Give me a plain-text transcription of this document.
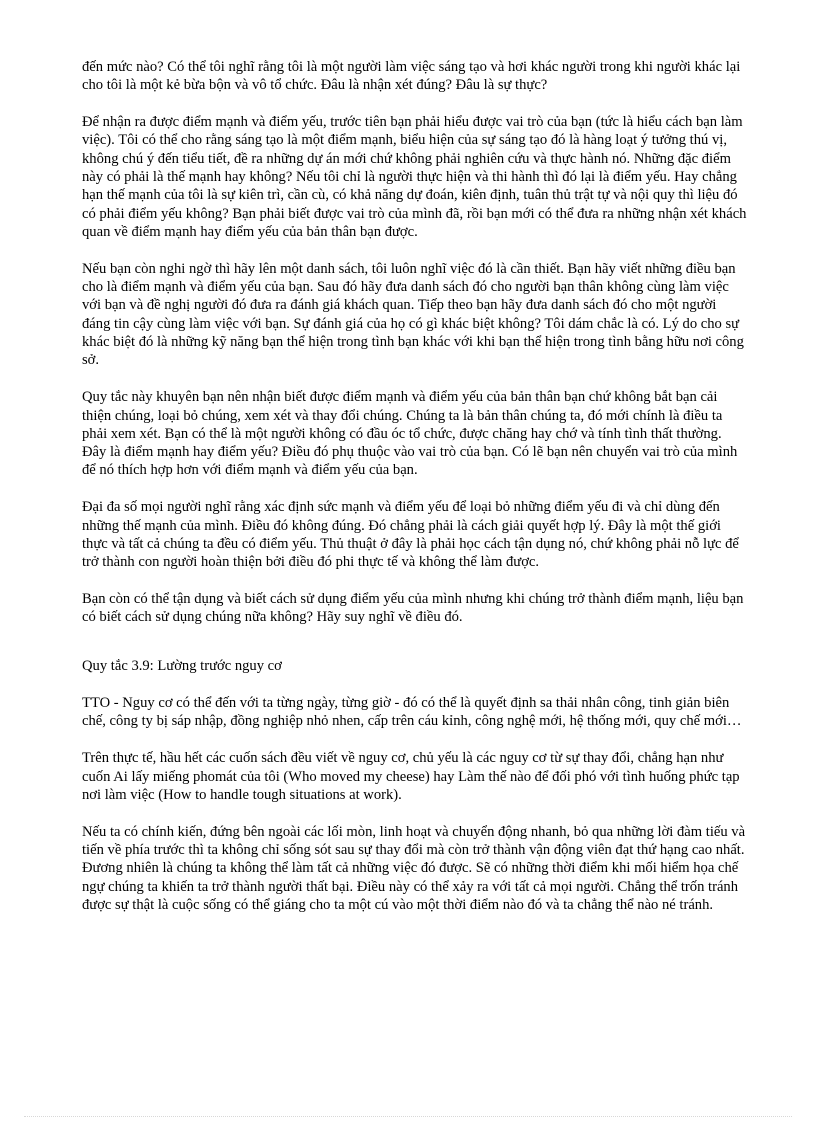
đến mức nào? Có thể tôi nghĩ rằng tôi là một người làm việc sáng tạo và hơi khác người trong khi người khác lại cho tôi là một kẻ bừa bộn và vô tổ chức. Đâu là nhận xét đúng? Đâu là sự thực?

Để nhận ra được điểm mạnh và điểm yếu, trước tiên bạn phải hiểu được vai trò của bạn (tức là hiểu cách bạn làm việc). Tôi có thể cho rằng sáng tạo là một điểm mạnh, biểu hiện của sự sáng tạo đó là hàng loạt ý tưởng thú vị, không chú ý đến tiểu tiết, đề ra những dự án mới chứ không phải nghiên cứu và thực hành nó. Những đặc điểm này có phải là thế mạnh hay không? Nếu tôi chỉ là người thực hiện và thi hành thì đó lại là điểm yếu. Hay chẳng hạn thế mạnh của tôi là sự kiên trì, cần cù, có khả năng dự đoán, kiên định, tuân thủ trật tự và nội quy thì liệu đó có phải điểm yếu không? Bạn phải biết được vai trò của mình đã, rồi bạn mới có thể đưa ra những nhận xét khách quan về điểm mạnh hay điểm yếu của bản thân bạn được.

Nếu bạn còn nghi ngờ thì hãy lên một danh sách, tôi luôn nghĩ việc đó là cần thiết. Bạn hãy viết những điều bạn cho là điểm mạnh và điểm yếu của bạn. Sau đó hãy đưa danh sách đó cho người bạn thân không cùng làm việc với bạn và đề nghị người đó đưa ra đánh giá khách quan. Tiếp theo bạn hãy đưa danh sách đó cho một người đáng tin cậy cùng làm việc với bạn. Sự đánh giá của họ có gì khác biệt không? Tôi dám chắc là có. Lý do cho sự khác biệt đó là những kỹ năng bạn thể hiện trong tình bạn khác với khi bạn thể hiện trong tình bằng hữu nơi công sở.

Quy tắc này khuyên bạn nên nhận biết được điểm mạnh và điểm yếu của bản thân bạn chứ không bắt bạn cải thiện chúng, loại bỏ chúng, xem xét và thay đổi chúng. Chúng ta là bản thân chúng ta, đó mới chính là điều ta phải xem xét. Bạn có thể là một người không có đầu óc tổ chức, được chăng hay chớ và tính tình thất thường. Đây là điểm mạnh hay điểm yếu? Điều đó phụ thuộc vào vai trò của bạn. Có lẽ bạn nên chuyển vai trò của mình để nó thích hợp hơn với điểm mạnh và điểm yếu của bạn.

Đại đa số mọi người nghĩ rằng xác định sức mạnh và điểm yếu để loại bỏ những điểm yếu đi và chỉ dùng đến những thế mạnh của mình. Điều đó không đúng. Đó chẳng phải là cách giải quyết hợp lý. Đây là một thế giới thực và tất cả chúng ta đều có điểm yếu. Thủ thuật ở đây là phải học cách tận dụng nó, chứ không phải nỗ lực để trở thành con người hoàn thiện bởi điều đó phi thực tế và không thể làm được.

Bạn còn có thể tận dụng và biết cách sử dụng điểm yếu của mình nhưng khi chúng trở thành điểm mạnh, liệu bạn có biết cách sử dụng chúng nữa không? Hãy suy nghĩ về điều đó.

Quy tắc 3.9: Lường trước nguy cơ

TTO - Nguy cơ có thể đến với ta từng ngày, từng giờ - đó có thể là quyết định sa thải nhân công, tinh giản biên chế, công ty bị sáp nhập, đồng nghiệp nhỏ nhen, cấp trên cáu kỉnh, công nghệ mới, hệ thống mới, quy chế mới…

Trên thực tế, hầu hết các cuốn sách đều viết về nguy cơ, chủ yếu là các nguy cơ từ sự thay đổi, chẳng hạn như cuốn Ai lấy miếng phomát của tôi (Who moved my cheese) hay Làm thế nào để đối phó với tình huống phức tạp nơi làm việc (How to handle tough situations at work).

Nếu ta có chính kiến, đứng bên ngoài các lối mòn, linh hoạt và chuyển động nhanh, bỏ qua những lời đàm tiếu và tiến về phía trước thì ta không chỉ sống sót sau sự thay đổi mà còn trở thành vận động viên đạt thứ hạng cao nhất. Đương nhiên là chúng ta không thể làm tất cả những việc đó được. Sẽ có những thời điểm khi mối hiểm họa chế ngự chúng ta khiến ta trở thành người thất bại. Điều này có thể xảy ra với tất cả mọi người. Chẳng thể trốn tránh được sự thật là cuộc sống có thể giáng cho ta một cú vào một thời điểm nào đó và ta chẳng thể nào né tránh.
